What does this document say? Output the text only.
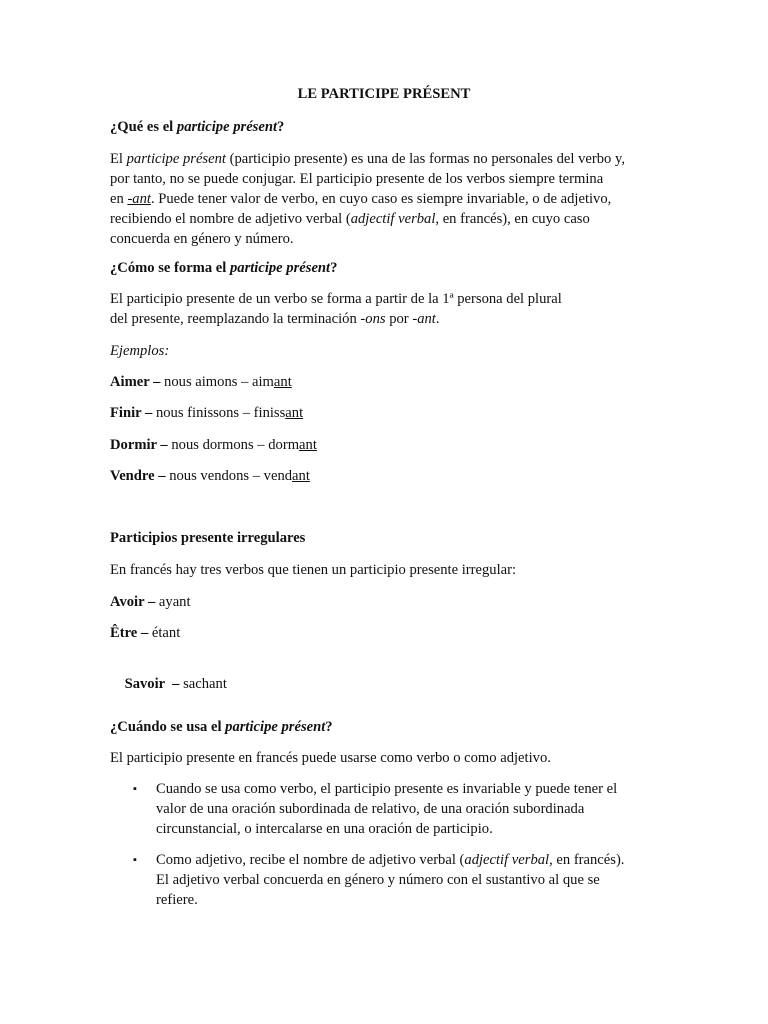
LE PARTICIPE PRÉSENT
¿Qué es el participe présent?
El participe présent (participio presente) es una de las formas no personales del verbo y,
por tanto, no se puede conjugar. El participio presente de los verbos siempre termina
en -ant. Puede tener valor de verbo, en cuyo caso es siempre invariable, o de adjetivo,
recibiendo el nombre de adjetivo verbal (adjectif verbal, en francés), en cuyo caso
concuerda en género y número.
¿Cómo se forma el participe présent?
El participio presente de un verbo se forma a partir de la 1ª persona del plural
del presente, reemplazando la terminación -ons por -ant.
Ejemplos:
Aimer – nous aimons – aimant
Finir – nous finissons – finissant
Dormir – nous dormons – dormant
Vendre – nous vendons – vendant
Participios presente irregulares
En francés hay tres verbos que tienen un participio presente irregular:
Avoir – ayant
Être – étant

Savoir  – sachant

¿Cuándo se usa el participe présent?
El participio presente en francés puede usarse como verbo o como adjetivo.
▪ Cuando se usa como verbo, el participio presente es invariable y puede tener el
valor de una oración subordinada de relativo, de una oración subordinada
circunstancial, o intercalarse en una oración de participio.
▪ Como adjetivo, recibe el nombre de adjetivo verbal (adjectif verbal, en francés).
El adjetivo verbal concuerda en género y número con el sustantivo al que se
refiere.
